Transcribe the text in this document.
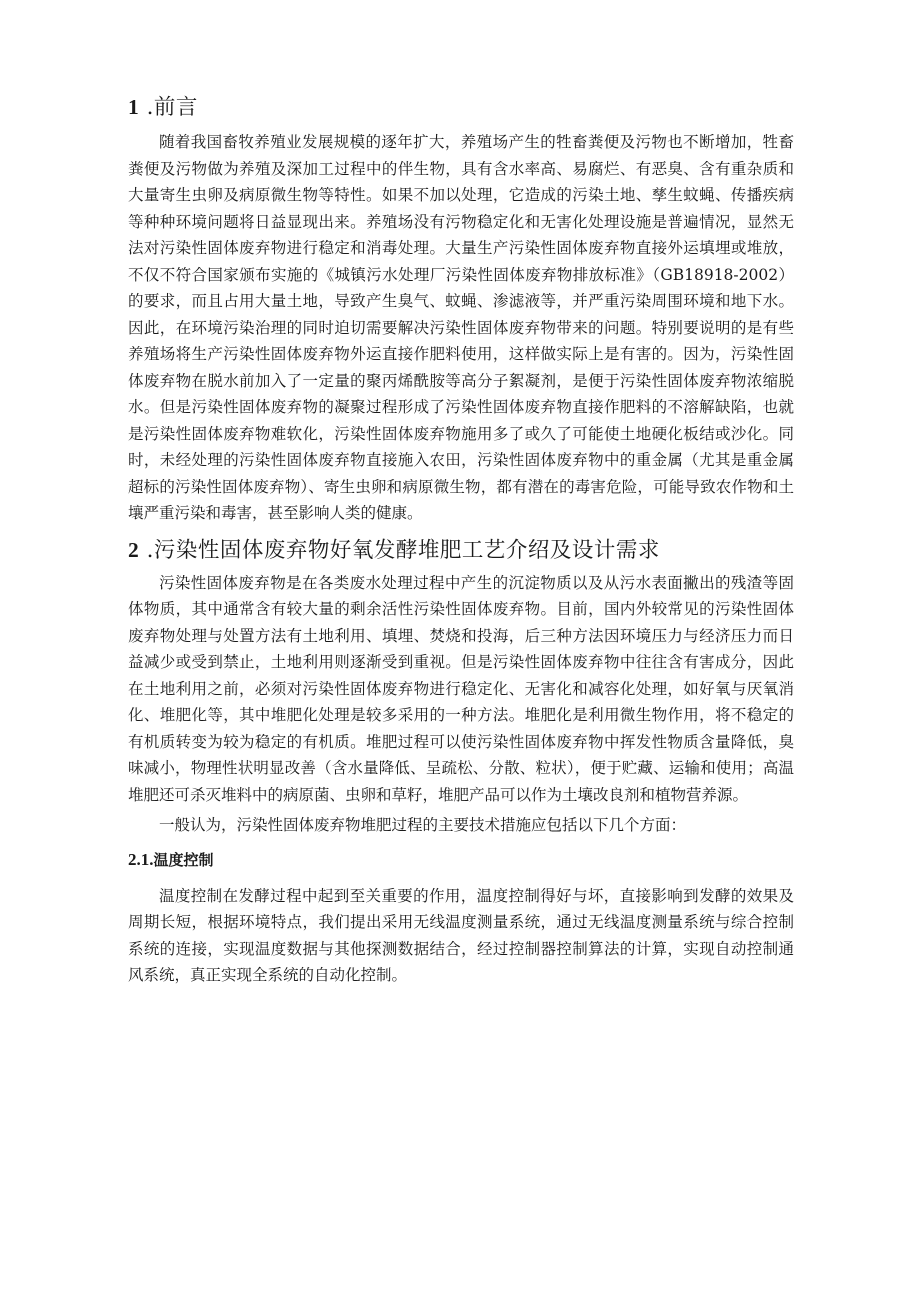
1 .前言

随着我国畜牧养殖业发展规模的逐年扩大，养殖场产生的牲畜粪便及污物也不断增加，牲畜粪便及污物做为养殖及深加工过程中的伴生物，具有含水率高、易腐烂、有恶臭、含有重杂质和大量寄生虫卵及病原微生物等特性。如果不加以处理，它造成的污染土地、孳生蚊蝇、传播疾病等种种环境问题将日益显现出来。养殖场没有污物稳定化和无害化处理设施是普遍情况，显然无法对污染性固体废弃物进行稳定和消毒处理。大量生产污染性固体废弃物直接外运填埋或堆放，不仅不符合国家颁布实施的《城镇污水处理厂污染性固体废弃物排放标准》（GB18918-2002）的要求，而且占用大量土地，导致产生臭气、蚊蝇、渗滤液等，并严重污染周围环境和地下水。因此，在环境污染治理的同时迫切需要解决污染性固体废弃物带来的问题。特别要说明的是有些养殖场将生产污染性固体废弃物外运直接作肥料使用，这样做实际上是有害的。因为，污染性固体废弃物在脱水前加入了一定量的聚丙烯酰胺等高分子絮凝剂，是便于污染性固体废弃物浓缩脱水。但是污染性固体废弃物的凝聚过程形成了污染性固体废弃物直接作肥料的不溶解缺陷，也就是污染性固体废弃物难软化，污染性固体废弃物施用多了或久了可能使土地硬化板结或沙化。同时，未经处理的污染性固体废弃物直接施入农田，污染性固体废弃物中的重金属（尤其是重金属超标的污染性固体废弃物）、寄生虫卵和病原微生物，都有潜在的毒害危险，可能导致农作物和土壤严重污染和毒害，甚至影响人类的健康。

2 .污染性固体废弃物好氧发酵堆肥工艺介绍及设计需求

污染性固体废弃物是在各类废水处理过程中产生的沉淀物质以及从污水表面撇出的残渣等固体物质，其中通常含有较大量的剩余活性污染性固体废弃物。目前，国内外较常见的污染性固体废弃物处理与处置方法有土地利用、填埋、焚烧和投海，后三种方法因环境压力与经济压力而日益减少或受到禁止，土地利用则逐渐受到重视。但是污染性固体废弃物中往往含有害成分，因此在土地利用之前，必须对污染性固体废弃物进行稳定化、无害化和减容化处理，如好氧与厌氧消化、堆肥化等，其中堆肥化处理是较多采用的一种方法。堆肥化是利用微生物作用，将不稳定的有机质转变为较为稳定的有机质。堆肥过程可以使污染性固体废弃物中挥发性物质含量降低，臭味减小，物理性状明显改善（含水量降低、呈疏松、分散、粒状），便于贮藏、运输和使用；高温堆肥还可杀灭堆料中的病原菌、虫卵和草籽，堆肥产品可以作为土壤改良剂和植物营养源。

一般认为，污染性固体废弃物堆肥过程的主要技术措施应包括以下几个方面：

2.1.温度控制

温度控制在发酵过程中起到至关重要的作用，温度控制得好与坏，直接影响到发酵的效果及周期长短，根据环境特点，我们提出采用无线温度测量系统，通过无线温度测量系统与综合控制系统的连接，实现温度数据与其他探测数据结合，经过控制器控制算法的计算，实现自动控制通风系统，真正实现全系统的自动化控制。
